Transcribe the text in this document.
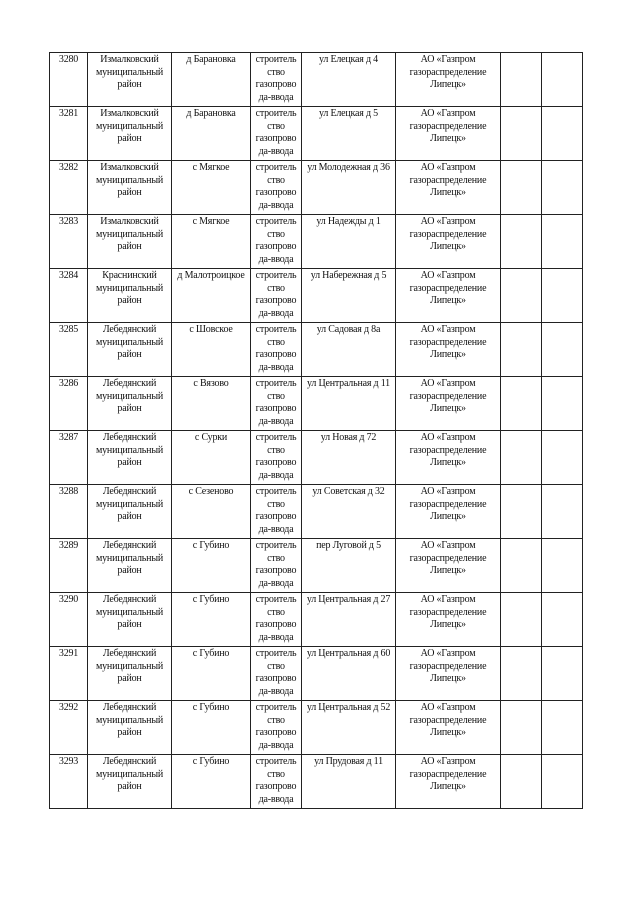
3280	Измалковский муниципальный район	д Барановка	строитель ство газопрово да-ввода	ул Елецкая д 4	АО «Газпром газораспределение Липецк»		
3281	Измалковский муниципальный район	д Барановка	строитель ство газопрово да-ввода	ул Елецкая д 5	АО «Газпром газораспределение Липецк»		
3282	Измалковский муниципальный район	с Мягкое	строитель ство газопрово да-ввода	ул Молодежная д 36	АО «Газпром газораспределение Липецк»		
3283	Измалковский муниципальный район	с Мягкое	строитель ство газопрово да-ввода	ул Надежды д 1	АО «Газпром газораспределение Липецк»		
3284	Краснинский муниципальный район	д Малотроицкое	строитель ство газопрово да-ввода	ул Набережная д 5	АО «Газпром газораспределение Липецк»		
3285	Лебедянский муниципальный район	с Шовское	строитель ство газопрово да-ввода	ул Садовая д 8а	АО «Газпром газораспределение Липецк»		
3286	Лебедянский муниципальный район	с Вязово	строитель ство газопрово да-ввода	ул Центральная д 11	АО «Газпром газораспределение Липецк»		
3287	Лебедянский муниципальный район	с Сурки	строитель ство газопрово да-ввода	ул Новая д 72	АО «Газпром газораспределение Липецк»		
3288	Лебедянский муниципальный район	с Сезеново	строитель ство газопрово да-ввода	ул Советская д 32	АО «Газпром газораспределение Липецк»		
3289	Лебедянский муниципальный район	с Губино	строитель ство газопрово да-ввода	пер Луговой д 5	АО «Газпром газораспределение Липецк»		
3290	Лебедянский муниципальный район	с Губино	строитель ство газопрово да-ввода	ул Центральная д 27	АО «Газпром газораспределение Липецк»		
3291	Лебедянский муниципальный район	с Губино	строитель ство газопрово да-ввода	ул Центральная д 60	АО «Газпром газораспределение Липецк»		
3292	Лебедянский муниципальный район	с Губино	строитель ство газопрово да-ввода	ул Центральная д 52	АО «Газпром газораспределение Липецк»		
3293	Лебедянский муниципальный район	с Губино	строитель ство газопрово да-ввода	ул Прудовая д 11	АО «Газпром газораспределение Липецк»		
